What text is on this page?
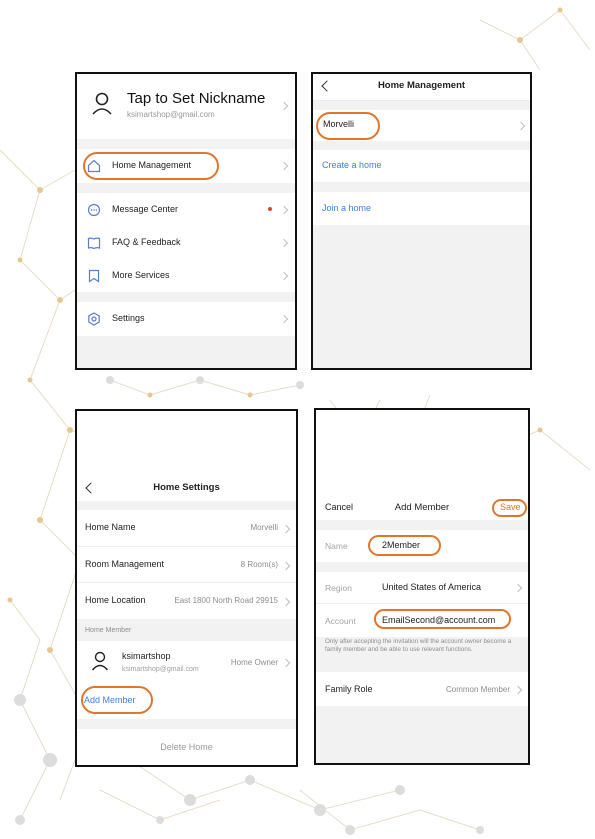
Tap to Set Nickname
ksimartshop@gmail.com
Home Management
Message Center
FAQ & Feedback
More Services
Settings
Home Management
Morvelli
Create a home
Join a home
Home Settings
Home Name	Morvelli
Room Management	8 Room(s)
Home Location	East 1800 North Road 29915
Home Member
ksimartshop
ksimartshop@gmail.com
Home Owner
Add Member
Delete Home
Cancel	Add Member	Save
Name	2Member
Region	United States of America
Account	EmailSecond@account.com
Only after accepting the invitation will the account owner become a family member and be able to use relevant functions.
Family Role	Common Member
